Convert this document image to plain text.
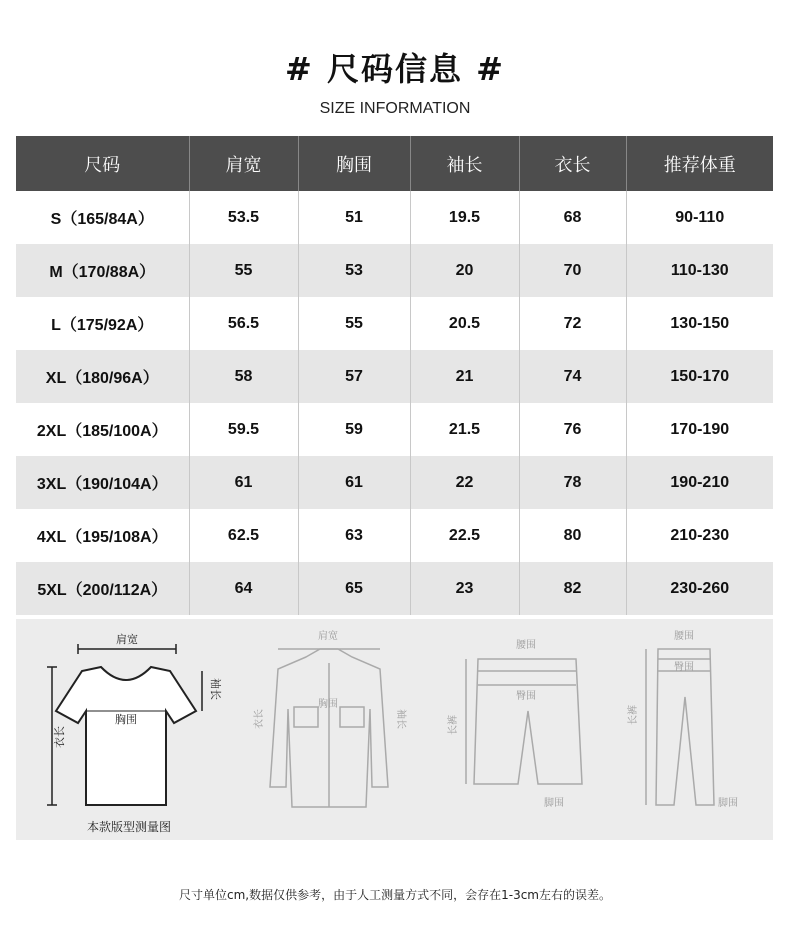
# 尺码信息 #
SIZE INFORMATION
尺码	肩宽	胸围	袖长	衣长	推荐体重
S（165/84A）	53.5	51	19.5	68	90-110
M（170/88A）	55	53	20	70	110-130
L（175/92A）	56.5	55	20.5	72	130-150
XL（180/96A）	58	57	21	74	150-170
2XL（185/100A）	59.5	59	21.5	76	170-190
3XL（190/104A）	61	61	22	78	190-210
4XL（195/108A）	62.5	63	22.5	80	210-230
5XL（200/112A）	64	65	23	82	230-260
肩宽
胸围
衣长
袖长
本款版型测量图
肩宽
胸围
衣长	袖长
腰围
臀围
长裤
脚围
腰围
臀围
长裤
脚围
尺寸单位cm,数据仅供参考，由于人工测量方式不同，会存在1-3cm左右的误差。
